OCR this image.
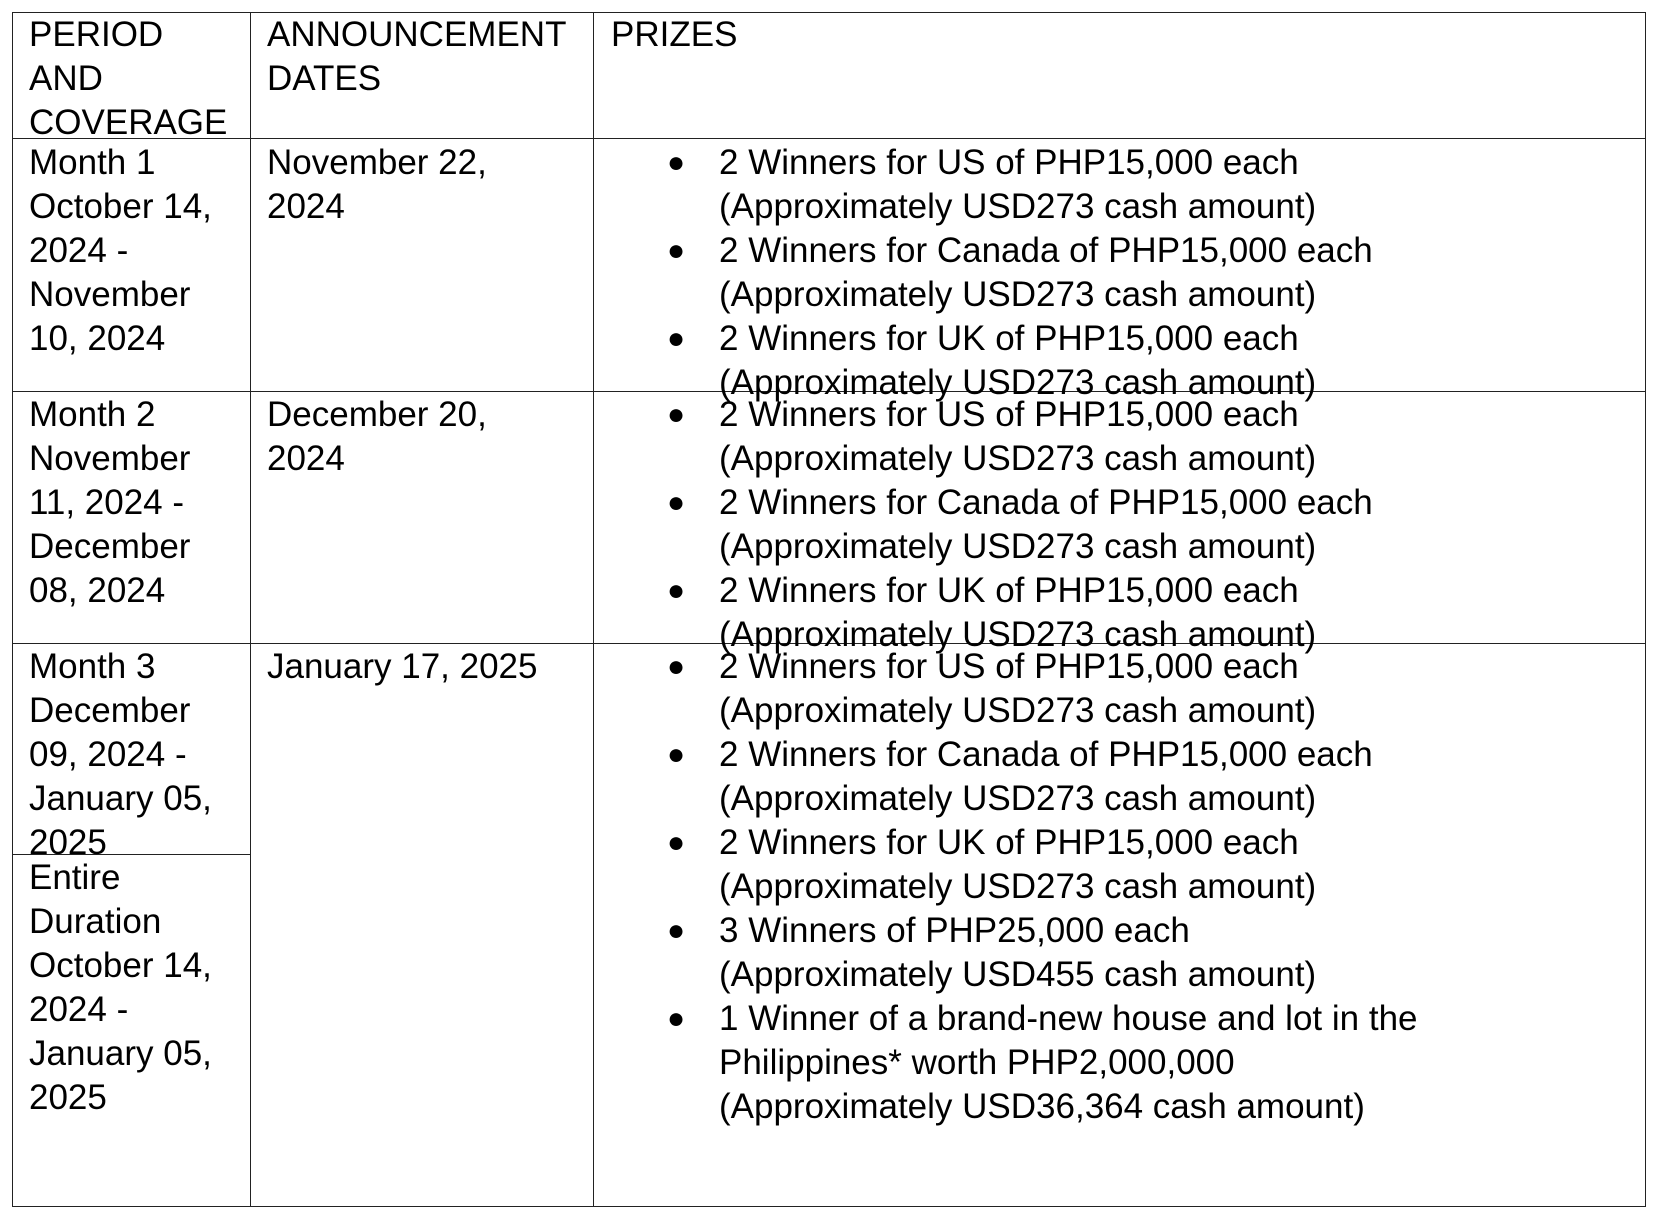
PERIOD
AND
COVERAGE
ANNOUNCEMENT
DATES
PRIZES
Month 1
October 14,
2024 -
November
10, 2024
November 22,
2024
● 2 Winners for US of PHP15,000 each
(Approximately USD273 cash amount)
● 2 Winners for Canada of PHP15,000 each
(Approximately USD273 cash amount)
● 2 Winners for UK of PHP15,000 each
(Approximately USD273 cash amount)
Month 2
November
11, 2024 -
December
08, 2024
December 20,
2024
● 2 Winners for US of PHP15,000 each
(Approximately USD273 cash amount)
● 2 Winners for Canada of PHP15,000 each
(Approximately USD273 cash amount)
● 2 Winners for UK of PHP15,000 each
(Approximately USD273 cash amount)
Month 3
December
09, 2024 -
January 05,
2025
Entire
Duration
October 14,
2024 -
January 05,
2025
January 17, 2025	● 2 Winners for US of PHP15,000 each
(Approximately USD273 cash amount)
● 2 Winners for Canada of PHP15,000 each
(Approximately USD273 cash amount)
● 2 Winners for UK of PHP15,000 each
(Approximately USD273 cash amount)
● 3 Winners of PHP25,000 each
(Approximately USD455 cash amount)
● 1 Winner of a brand-new house and lot in the
Philippines* worth PHP2,000,000
(Approximately USD36,364 cash amount)
